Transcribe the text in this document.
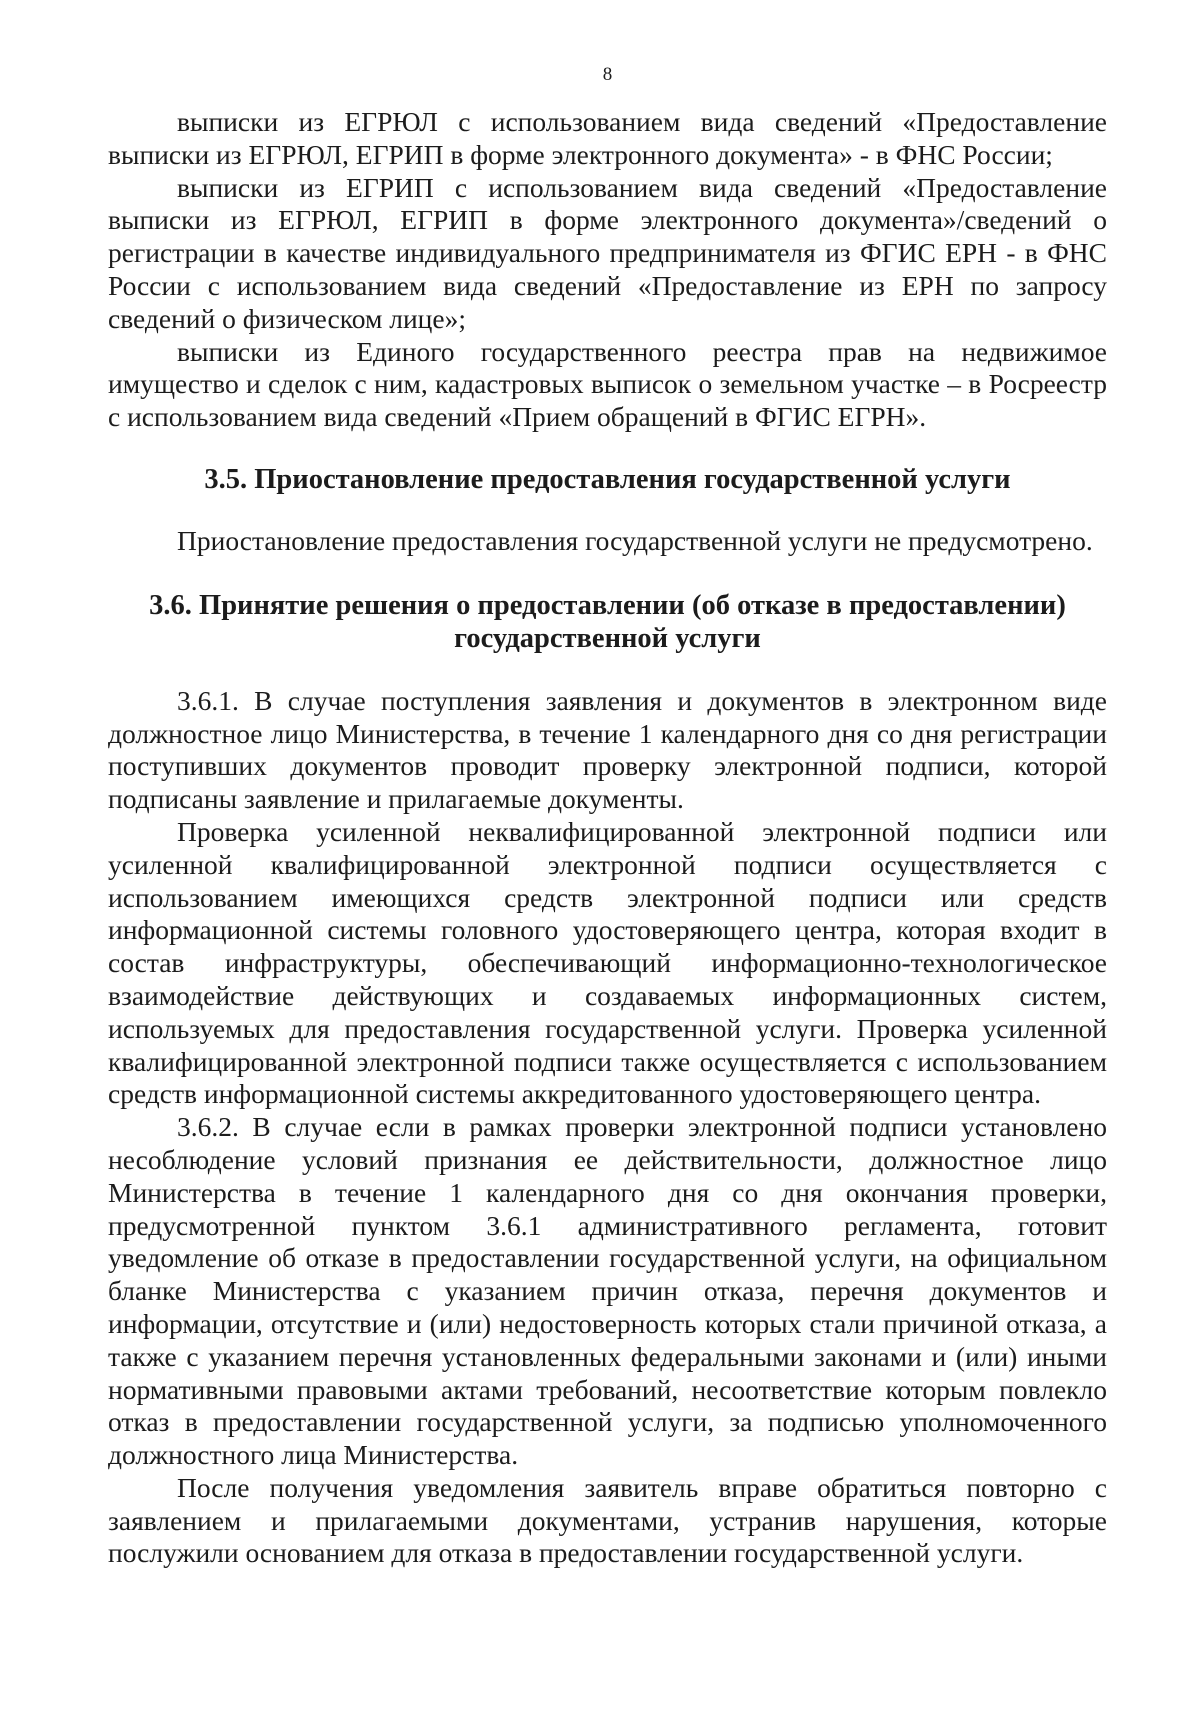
8

выписки из ЕГРЮЛ с использованием вида сведений «Предоставление выписки из ЕГРЮЛ, ЕГРИП в форме электронного документа» - в ФНС России;

выписки из ЕГРИП с использованием вида сведений «Предоставление выписки из ЕГРЮЛ, ЕГРИП в форме электронного документа»/сведений о регистрации в качестве индивидуального предпринимателя из ФГИС ЕРН - в ФНС России с использованием вида сведений «Предоставление из ЕРН по запросу сведений о физическом лице»;

выписки из Единого государственного реестра прав на недвижимое имущество и сделок с ним, кадастровых выписок о земельном участке – в Росреестр с использованием вида сведений «Прием обращений в ФГИС ЕГРН».

3.5. Приостановление предоставления государственной услуги

Приостановление предоставления государственной услуги не предусмотрено.

3.6. Принятие решения о предоставлении (об отказе в предоставлении)
государственной услуги

3.6.1. В случае поступления заявления и документов в электронном виде должностное лицо Министерства, в течение 1 календарного дня со дня регистрации поступивших документов проводит проверку электронной подписи, которой подписаны заявление и прилагаемые документы.

Проверка усиленной неквалифицированной электронной подписи или усиленной квалифицированной электронной подписи осуществляется с использованием имеющихся средств электронной подписи или средств информационной системы головного удостоверяющего центра, которая входит в состав инфраструктуры, обеспечивающий информационно-технологическое взаимодействие действующих и создаваемых информационных систем, используемых для предоставления государственной услуги. Проверка усиленной квалифицированной электронной подписи также осуществляется с использованием средств информационной системы аккредитованного удостоверяющего центра.

3.6.2. В случае если в рамках проверки электронной подписи установлено несоблюдение условий признания ее действительности, должностное лицо Министерства в течение 1 календарного дня со дня окончания проверки, предусмотренной пунктом 3.6.1 административного регламента, готовит уведомление об отказе в предоставлении государственной услуги, на официальном бланке Министерства с указанием причин отказа, перечня документов и информации, отсутствие и (или) недостоверность которых стали причиной отказа, а также с указанием перечня установленных федеральными законами и (или) иными нормативными правовыми актами требований, несоответствие которым повлекло отказ в предоставлении государственной услуги, за подписью уполномоченного должностного лица Министерства.

После получения уведомления заявитель вправе обратиться повторно с заявлением и прилагаемыми документами, устранив нарушения, которые послужили основанием для отказа в предоставлении государственной услуги.
